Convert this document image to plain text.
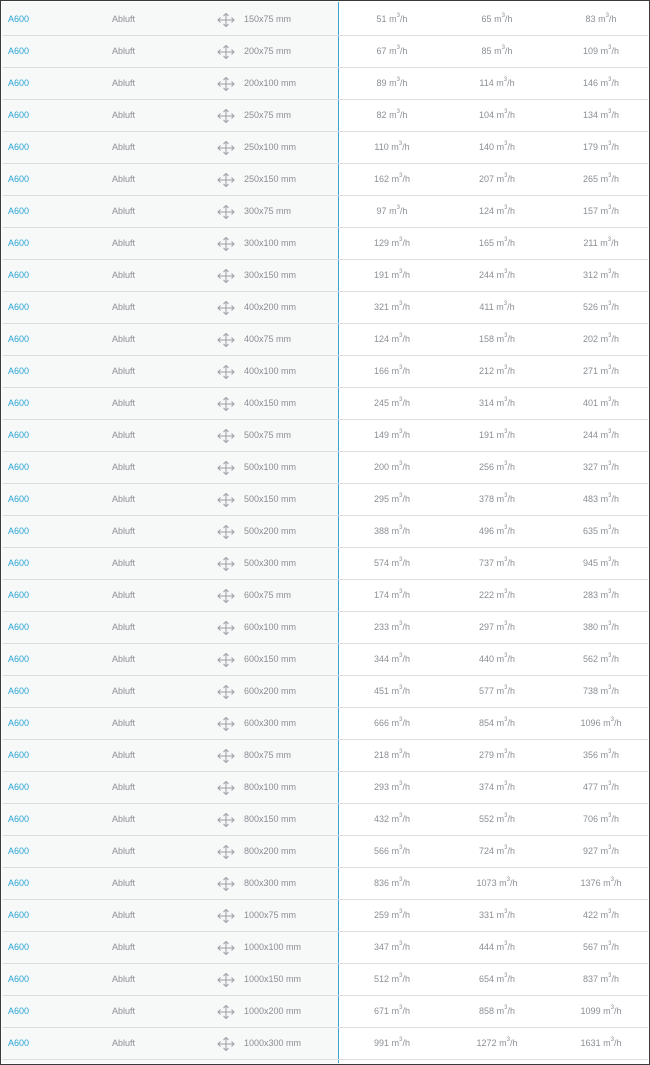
A600	Abluft	150x75 mm	51 $m^3/h$	65 $m^3/h$	83 $m^3/h$
A600	Abluft	200x75 mm	67 $m^3/h$	85 $m^3/h$	109 $m^3/h$
A600	Abluft	200x100 mm	89 $m^3/h$	114 $m^3/h$	146 $m^3/h$
A600	Abluft	250x75 mm	82 $m^3/h$	104 $m^3/h$	134 $m^3/h$
A600	Abluft	250x100 mm	110 $m^3/h$	140 $m^3/h$	179 $m^3/h$
A600	Abluft	250x150 mm	162 $m^3/h$	207 $m^3/h$	265 $m^3/h$
A600	Abluft	300x75 mm	97 $m^3/h$	124 $m^3/h$	157 $m^3/h$
A600	Abluft	300x100 mm	129 $m^3/h$	165 $m^3/h$	211 $m^3/h$
A600	Abluft	300x150 mm	191 $m^3/h$	244 $m^3/h$	312 $m^3/h$
A600	Abluft	400x200 mm	321 $m^3/h$	411 $m^3/h$	526 $m^3/h$
A600	Abluft	400x75 mm	124 $m^3/h$	158 $m^3/h$	202 $m^3/h$
A600	Abluft	400x100 mm	166 $m^3/h$	212 $m^3/h$	271 $m^3/h$
A600	Abluft	400x150 mm	245 $m^3/h$	314 $m^3/h$	401 $m^3/h$
A600	Abluft	500x75 mm	149 $m^3/h$	191 $m^3/h$	244 $m^3/h$
A600	Abluft	500x100 mm	200 $m^3/h$	256 $m^3/h$	327 $m^3/h$
A600	Abluft	500x150 mm	295 $m^3/h$	378 $m^3/h$	483 $m^3/h$
A600	Abluft	500x200 mm	388 $m^3/h$	496 $m^3/h$	635 $m^3/h$
A600	Abluft	500x300 mm	574 $m^3/h$	737 $m^3/h$	945 $m^3/h$
A600	Abluft	600x75 mm	174 $m^3/h$	222 $m^3/h$	283 $m^3/h$
A600	Abluft	600x100 mm	233 $m^3/h$	297 $m^3/h$	380 $m^3/h$
A600	Abluft	600x150 mm	344 $m^3/h$	440 $m^3/h$	562 $m^3/h$
A600	Abluft	600x200 mm	451 $m^3/h$	577 $m^3/h$	738 $m^3/h$
A600	Abluft	600x300 mm	666 $m^3/h$	854 $m^3/h$	1096 $m^3/h$
A600	Abluft	800x75 mm	218 $m^3/h$	279 $m^3/h$	356 $m^3/h$
A600	Abluft	800x100 mm	293 $m^3/h$	374 $m^3/h$	477 $m^3/h$
A600	Abluft	800x150 mm	432 $m^3/h$	552 $m^3/h$	706 $m^3/h$
A600	Abluft	800x200 mm	566 $m^3/h$	724 $m^3/h$	927 $m^3/h$
A600	Abluft	800x300 mm	836 $m^3/h$	1073 $m^3/h$	1376 $m^3/h$
A600	Abluft	1000x75 mm	259 $m^3/h$	331 $m^3/h$	422 $m^3/h$
A600	Abluft	1000x100 mm	347 $m^3/h$	444 $m^3/h$	567 $m^3/h$
A600	Abluft	1000x150 mm	512 $m^3/h$	654 $m^3/h$	837 $m^3/h$
A600	Abluft	1000x200 mm	671 $m^3/h$	858 $m^3/h$	1099 $m^3/h$
A600	Abluft	1000x300 mm	991 $m^3/h$	1272 $m^3/h$	1631 $m^3/h$
